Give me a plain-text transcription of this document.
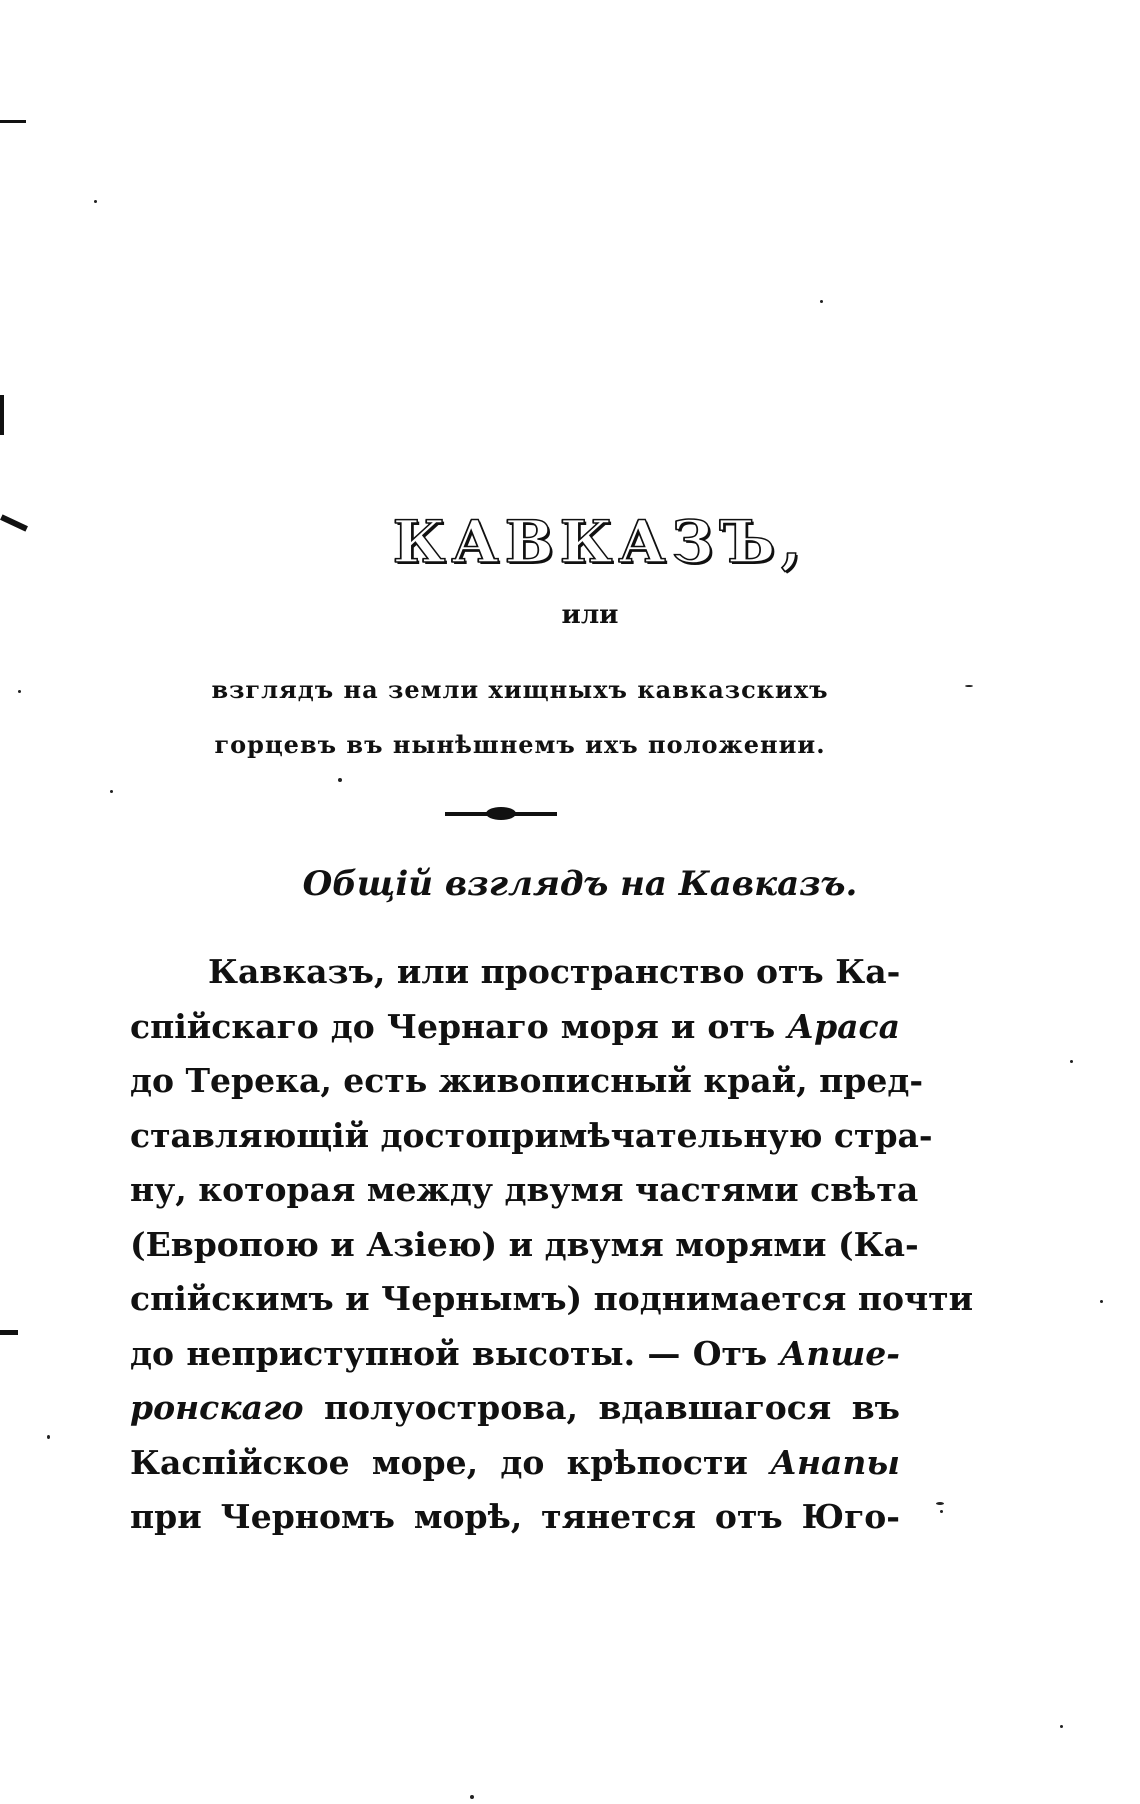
КАВКАЗЪ,
или
взглядъ на земли хищныхъ кавказскихъ
горцевъ въ нынѣшнемъ ихъ положении.
Общiй взглядъ на Кавказъ.
Кавказъ, или пространство отъ Ка-
спiйскаго до Чернаго моря и отъ Араса
до Терека, есть живописный край, пред-
ставляющiй достопримѣчательную стра-
ну, которая между двумя частями свѣта
(Европою и Азiею) и двумя морями (Ка-
спiйскимъ и Чернымъ) поднимается почти
до неприступной высоты. — Отъ Апше-
ронскаго полуострова, вдавшагося въ
Каспiйское море, до крѣпости Анапы
при Черномъ морѣ, тянется отъ Юго-
